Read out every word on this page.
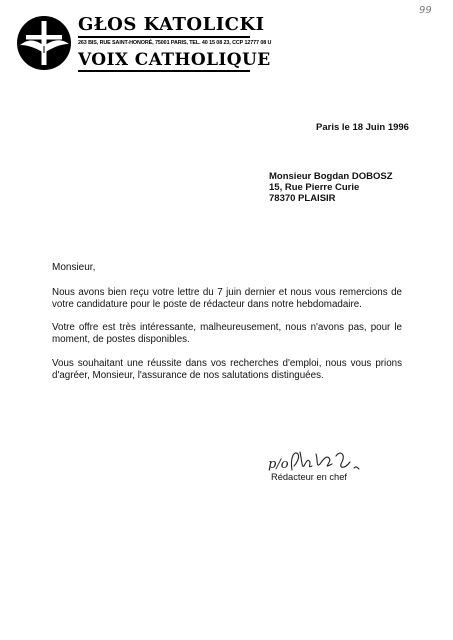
99
GŁOS KATOLICKI
263 BIS, RUE SAINT-HONORÉ, 75001 PARIS, TEL. 40 15 08 23, CCP 12777 08 U
VOIX CATHOLIQUE
Paris le 18 Juin 1996
Monsieur Bogdan DOBOSZ
15, Rue Pierre Curie
78370 PLAISIR
Monsieur,
Nous avons bien reçu votre lettre du 7 juin dernier et nous vous remercions de votre candidature pour le poste de rédacteur dans notre hebdomadaire.
Votre offre est très intéressante, malheureusement, nous n'avons pas, pour le moment, de postes disponibles.
Vous souhaitant une réussite dans vos recherches d'emploi, nous vous prions d'agréer, Monsieur, l'assurance de nos salutations distinguées.
p/o
Rédacteur en chef
